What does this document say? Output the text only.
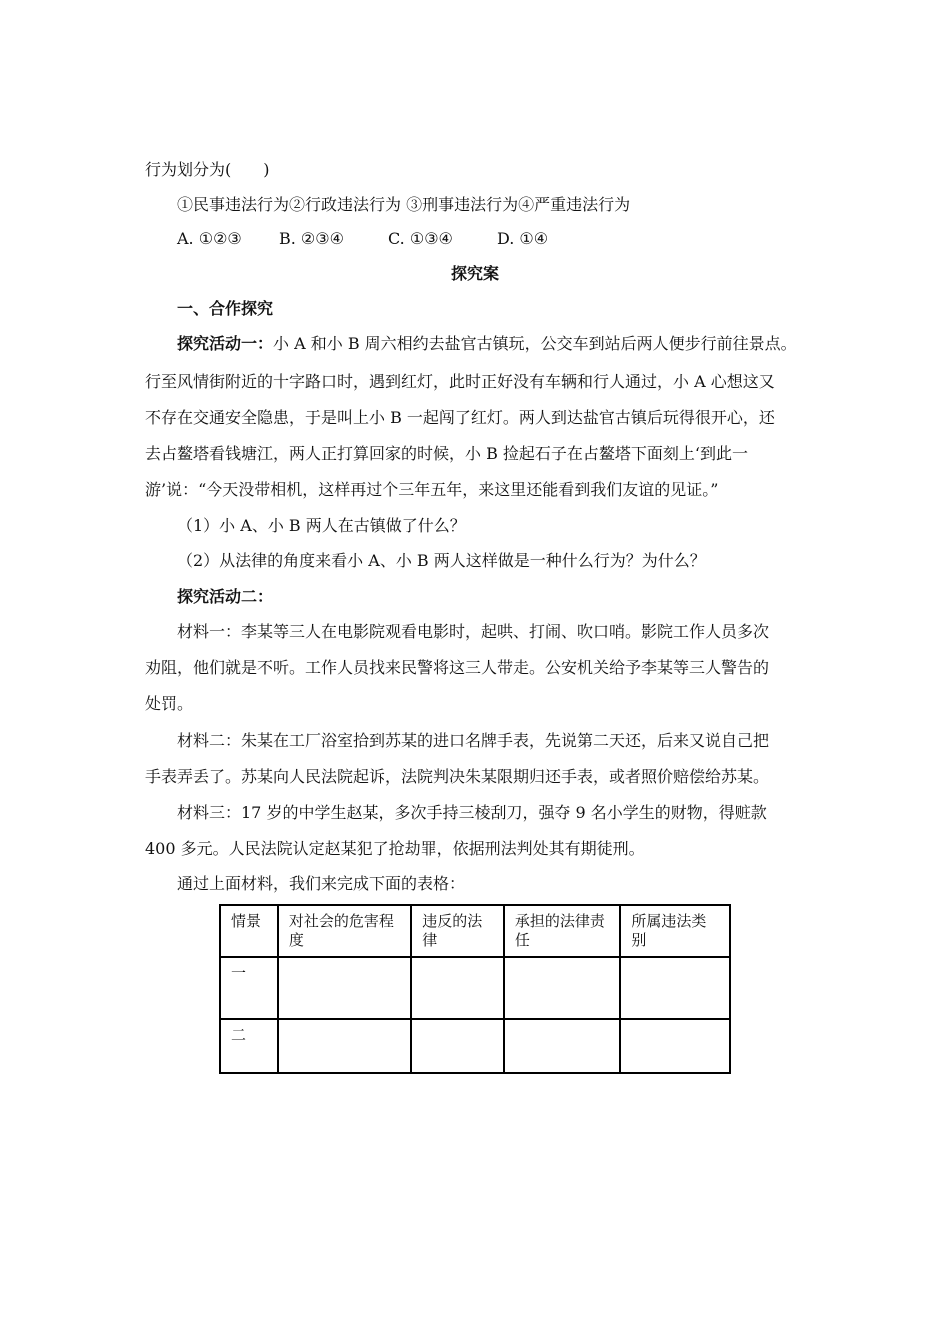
行为划分为(　　)
①民事违法行为②行政违法行为 ③刑事违法行为④严重违法行为
A. ①②③ B. ②③④	C. ①③④	D. ①④
探究案
一、合作探究
探究活动一：小 A 和小 B 周六相约去盐官古镇玩，公交车到站后两人便步行前往景点。
行至风情街附近的十字路口时，遇到红灯，此时正好没有车辆和行人通过，小 A 心想这又
不存在交通安全隐患，于是叫上小 B 一起闯了红灯。两人到达盐官古镇后玩得很开心，还
去占鳌塔看钱塘江，两人正打算回家的时候，小 B 捡起石子在占鳌塔下面刻上‘到此一
游’说：“今天没带相机，这样再过个三年五年，来这里还能看到我们友谊的见证。”
（1）小 A、小 B 两人在古镇做了什么？
（2）从法律的角度来看小 A、小 B 两人这样做是一种什么行为？为什么？
探究活动二：
材料一：李某等三人在电影院观看电影时，起哄、打闹、吹口哨。影院工作人员多次
劝阻，他们就是不听。工作人员找来民警将这三人带走。公安机关给予李某等三人警告的
处罚。
材料二：朱某在工厂浴室拾到苏某的进口名牌手表，先说第二天还，后来又说自己把
手表弄丢了。苏某向人民法院起诉，法院判决朱某限期归还手表，或者照价赔偿给苏某。
材料三：17 岁的中学生赵某，多次手持三棱刮刀，强夺 9 名小学生的财物，得赃款
400 多元。人民法院认定赵某犯了抢劫罪，依据刑法判处其有期徒刑。
通过上面材料，我们来完成下面的表格：
情景	对社会的危害程度	违反的法律	承担的法律责任	所属违法类别
一				
二				
